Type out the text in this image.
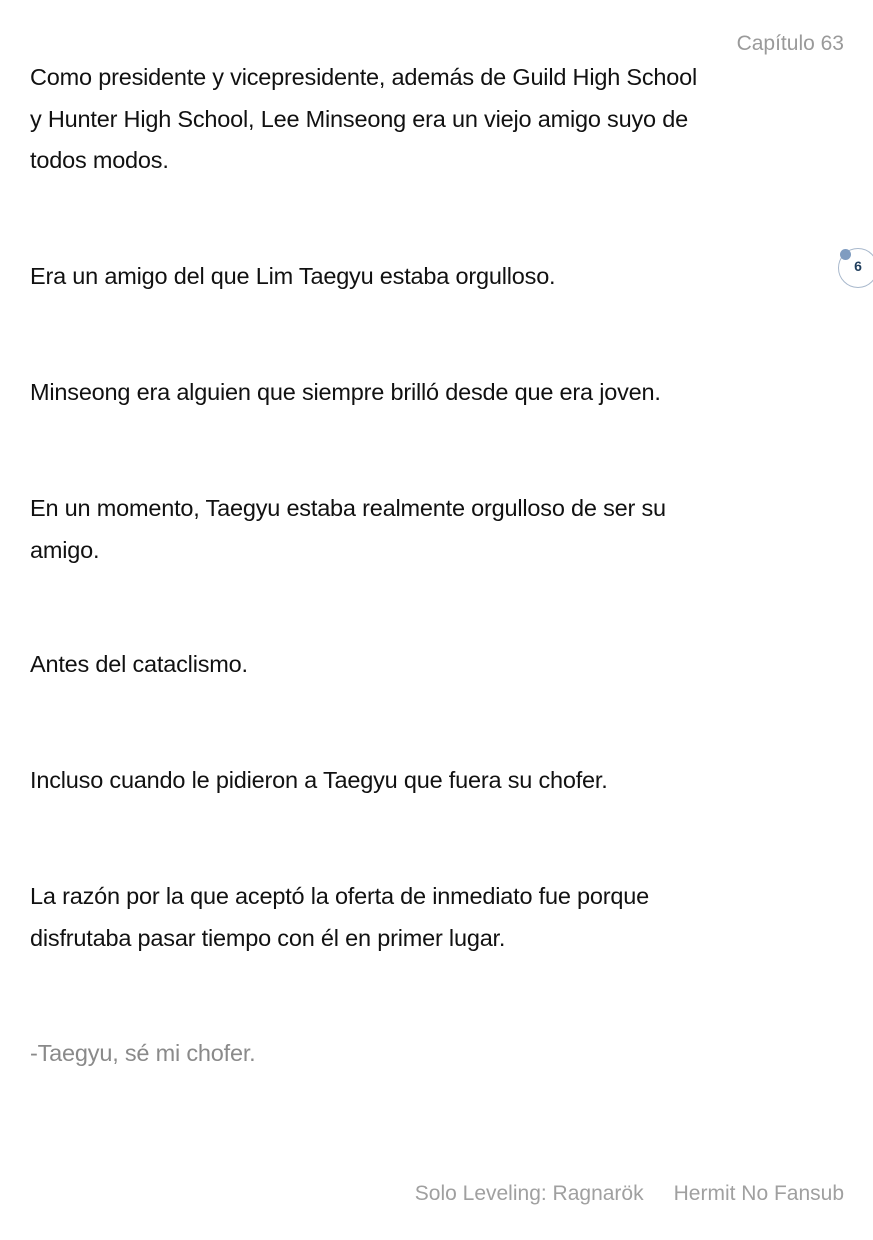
Capítulo 63
Como presidente y vicepresidente, además de Guild High School
y Hunter High School, Lee Minseong era un viejo amigo suyo de
todos modos.
Era un amigo del que Lim Taegyu estaba orgulloso.
Minseong era alguien que siempre brilló desde que era joven.
En un momento, Taegyu estaba realmente orgulloso de ser su
amigo.
Antes del cataclismo.
Incluso cuando le pidieron a Taegyu que fuera su chofer.
La razón por la que aceptó la oferta de inmediato fue porque
disfrutaba pasar tiempo con él en primer lugar.
-Taegyu, sé mi chofer.
6
Solo Leveling: Ragnarök Hermit No Fansub
